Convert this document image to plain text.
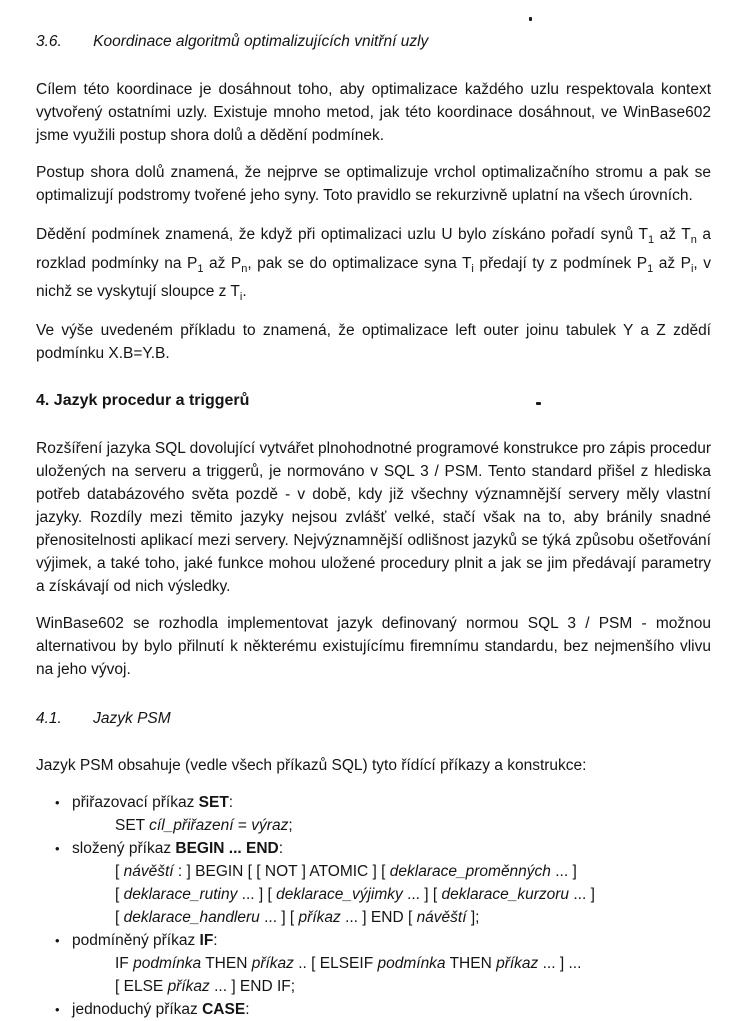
3.6. Koordinace algoritmů optimalizujících vnitřní uzly

Cílem této koordinace je dosáhnout toho, aby optimalizace každého uzlu respektovala kontext vytvořený ostatními uzly. Existuje mnoho metod, jak této koordinace dosáhnout, ve WinBase602 jsme využili postup shora dolů a dědění podmínek.

Postup shora dolů znamená, že nejprve se optimalizuje vrchol optimalizačního stromu a pak se optimalizují podstromy tvořené jeho syny. Toto pravidlo se rekurzivně uplatní na všech úrovních.

Dědění podmínek znamená, že když při optimalizaci uzlu U bylo získáno pořadí synů $T_1$ až $T_n$ a rozklad podmínky na $P_1$ až $P_n$, pak se do optimalizace syna $T_i$ předají ty z podmínek $P_1$ až $P_i$, v nichž se vyskytují sloupce z $T_i$.

Ve výše uvedeném příkladu to znamená, že optimalizace left outer joinu tabulek Y a Z zdědí podmínku X.B=Y.B.

4. Jazyk procedur a triggerů

Rozšíření jazyka SQL dovolující vytvářet plnohodnotné programové konstrukce pro zápis procedur uložených na serveru a triggerů, je normováno v SQL 3 / PSM. Tento standard přišel z hlediska potřeb databázového světa pozdě - v době, kdy již všechny významnější servery měly vlastní jazyky. Rozdíly mezi těmito jazyky nejsou zvlášť velké, stačí však na to, aby bránily snadné přenositelnosti aplikací mezi servery. Nejvýznamnější odlišnost jazyků se týká způsobu ošetřování výjimek, a také toho, jaké funkce mohou uložené procedury plnit a jak se jim předávají parametry a získávají od nich výsledky.

WinBase602 se rozhodla implementovat jazyk definovaný normou SQL 3 / PSM - možnou alternativou by bylo přilnutí k některému existujícímu firemnímu standardu, bez nejmenšího vlivu na jeho vývoj.

4.1. Jazyk PSM

Jazyk PSM obsahuje (vedle všech příkazů SQL) tyto řídící příkazy a konstrukce:

• přiřazovací příkaz SET:
SET cíl_přiřazení = výraz;
• složený příkaz BEGIN ... END:
[ návěští : ] BEGIN [ [ NOT ] ATOMIC ] [ deklarace_proměnných ... ]
[ deklarace_rutiny ... ] [ deklarace_výjimky ... ] [ deklarace_kurzoru ... ]
[ deklarace_handleru ... ] [ příkaz ... ] END [ návěští ];
• podmíněný příkaz IF:
IF podmínka THEN příkaz .. [ ELSEIF podmínka THEN příkaz ... ] ...
[ ELSE příkaz ... ] END IF;
• jednoduchý příkaz CASE:
